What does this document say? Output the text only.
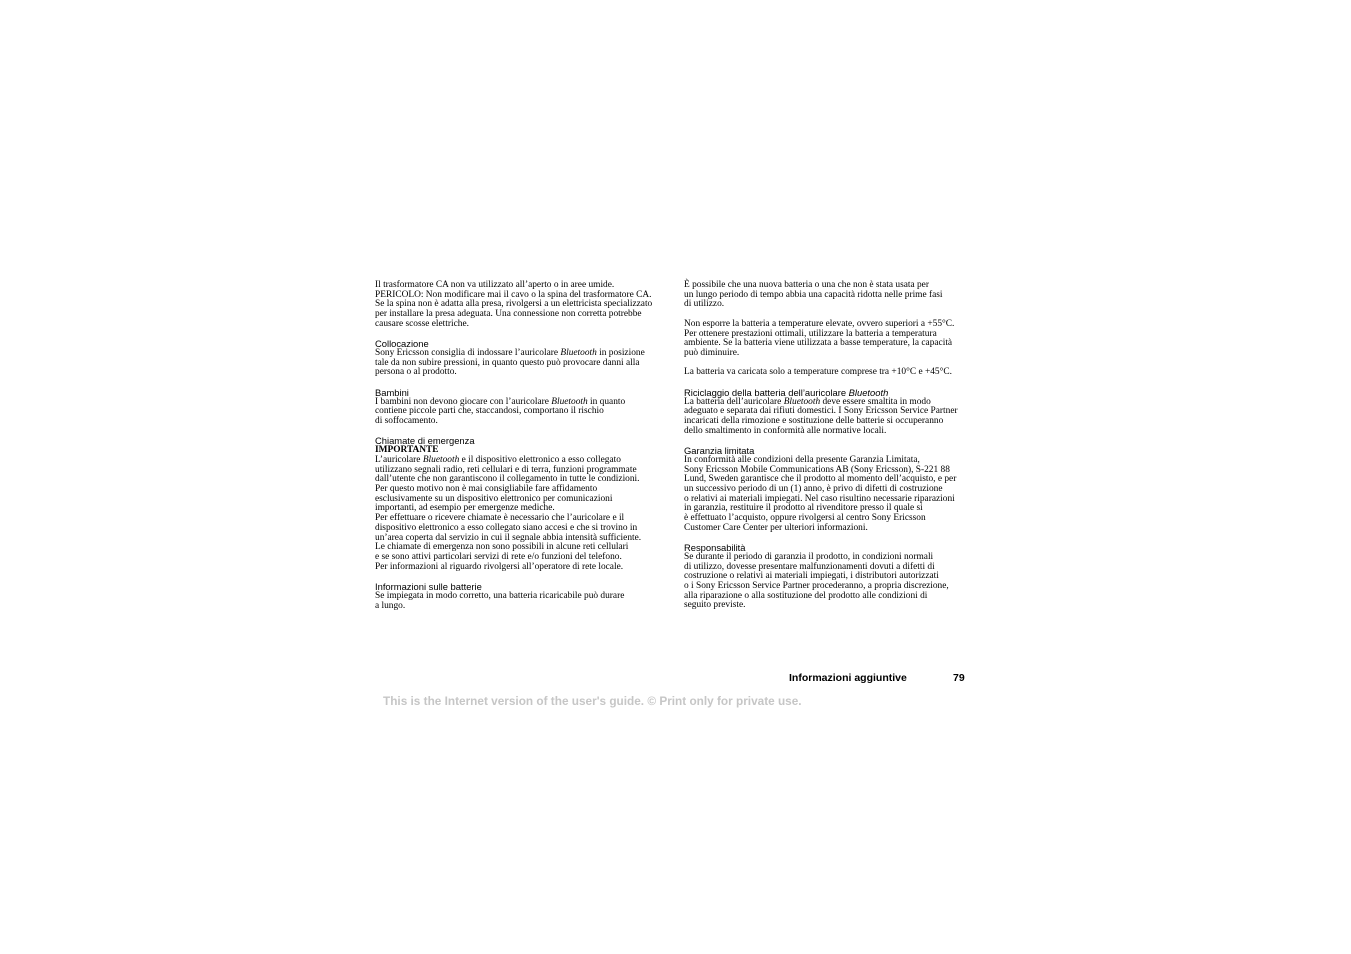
Il trasformatore CA non va utilizzato all’aperto o in aree umide.

PERICOLO: Non modificare mai il cavo o la spina del trasformatore CA.

Se la spina non è adatta alla presa, rivolgersi a un elettricista specializzato

per installare la presa adeguata. Una connessione non corretta potrebbe

causare scosse elettriche.

Collocazione

Sony Ericsson consiglia di indossare l’auricolare Bluetooth in posizione

tale da non subire pressioni, in quanto questo può provocare danni alla

persona o al prodotto.

Bambini

I bambini non devono giocare con l’auricolare Bluetooth in quanto

contiene piccole parti che, staccandosi, comportano il rischio

di soffocamento.

Chiamate di emergenza

IMPORTANTE

L’auricolare Bluetooth e il dispositivo elettronico a esso collegato

utilizzano segnali radio, reti cellulari e di terra, funzioni programmate

dall’utente che non garantiscono il collegamento in tutte le condizioni.

Per questo motivo non è mai consigliabile fare affidamento

esclusivamente su un dispositivo elettronico per comunicazioni

importanti, ad esempio per emergenze mediche.

Per effettuare o ricevere chiamate è necessario che l’auricolare e il

dispositivo elettronico a esso collegato siano accesi e che si trovino in

un’area coperta dal servizio in cui il segnale abbia intensità sufficiente.

Le chiamate di emergenza non sono possibili in alcune reti cellulari

e se sono attivi particolari servizi di rete e/o funzioni del telefono.

Per informazioni al riguardo rivolgersi all’operatore di rete locale.

Informazioni sulle batterie

Se impiegata in modo corretto, una batteria ricaricabile può durare

a lungo.

È possibile che una nuova batteria o una che non è stata usata per

un lungo periodo di tempo abbia una capacità ridotta nelle prime fasi

di utilizzo.

Non esporre la batteria a temperature elevate, ovvero superiori a +55°C.

Per ottenere prestazioni ottimali, utilizzare la batteria a temperatura

ambiente. Se la batteria viene utilizzata a basse temperature, la capacità

può diminuire.

La batteria va caricata solo a temperature comprese tra +10°C e +45°C.

Riciclaggio della batteria dell’auricolare Bluetooth

La batteria dell’auricolare Bluetooth deve essere smaltita in modo

adeguato e separata dai rifiuti domestici. I Sony Ericsson Service Partner

incaricati della rimozione e sostituzione delle batterie si occuperanno

dello smaltimento in conformità alle normative locali.

Garanzia limitata

In conformità alle condizioni della presente Garanzia Limitata,

Sony Ericsson Mobile Communications AB (Sony Ericsson), S-221 88

Lund, Sweden garantisce che il prodotto al momento dell’acquisto, e per

un successivo periodo di un (1) anno, è privo di difetti di costruzione

o relativi ai materiali impiegati. Nel caso risultino necessarie riparazioni

in garanzia, restituire il prodotto al rivenditore presso il quale si

è effettuato l’acquisto, oppure rivolgersi al centro Sony Ericsson

Customer Care Center per ulteriori informazioni.

Responsabilità

Se durante il periodo di garanzia il prodotto, in condizioni normali

di utilizzo, dovesse presentare malfunzionamenti dovuti a difetti di

costruzione o relativi ai materiali impiegati, i distributori autorizzati

o i Sony Ericsson Service Partner procederanno, a propria discrezione,

alla riparazione o alla sostituzione del prodotto alle condizioni di

seguito previste.

Informazioni aggiuntive	79
This is the Internet version of the user's guide. © Print only for private use.
